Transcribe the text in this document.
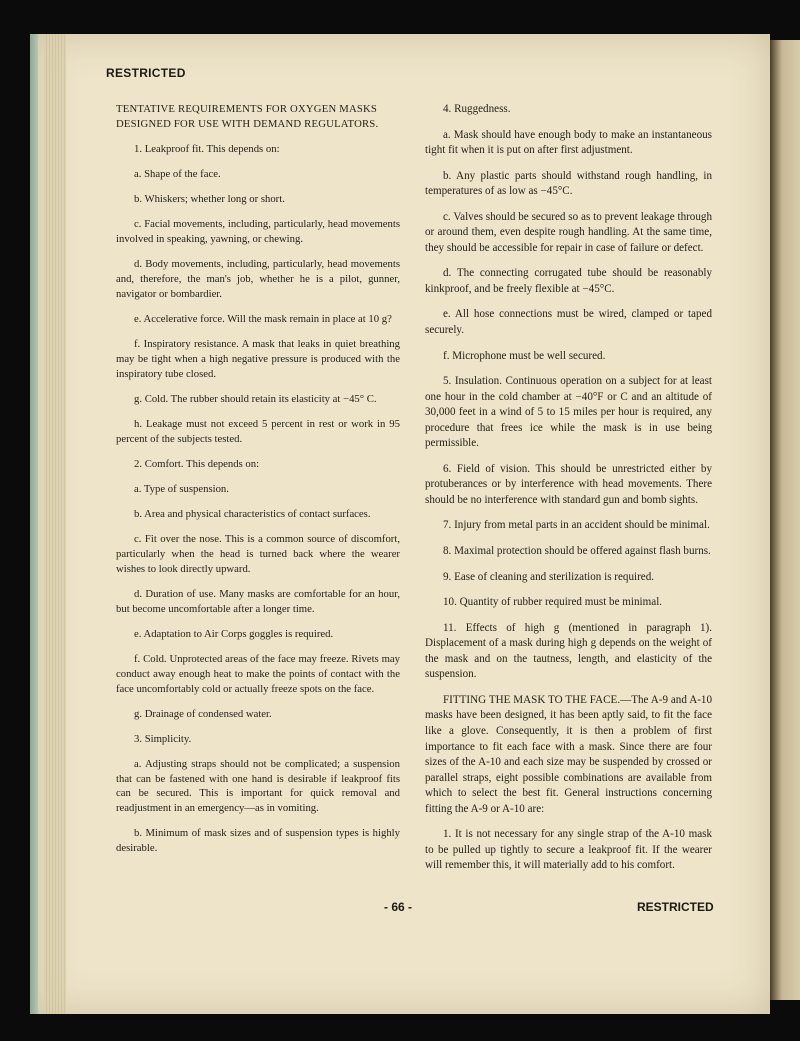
RESTRICTED

TENTATIVE REQUIREMENTS FOR OXYGEN MASKS DESIGNED FOR USE WITH DEMAND REGULATORS.

1. Leakproof fit. This depends on:

a. Shape of the face.

b. Whiskers; whether long or short.

c. Facial movements, including, particularly, head movements involved in speaking, yawning, or chewing.

d. Body movements, including, particularly, head movements and, therefore, the man's job, whether he is a pilot, gunner, navigator or bombardier.

e. Accelerative force. Will the mask remain in place at 10 g?

f. Inspiratory resistance. A mask that leaks in quiet breathing may be tight when a high negative pressure is produced with the inspiratory tube closed.

g. Cold. The rubber should retain its elasticity at −45° C.

h. Leakage must not exceed 5 percent in rest or work in 95 percent of the subjects tested.

2. Comfort. This depends on:

a. Type of suspension.

b. Area and physical characteristics of contact surfaces.

c. Fit over the nose. This is a common source of discomfort, particularly when the head is turned back where the wearer wishes to look directly upward.

d. Duration of use. Many masks are comfortable for an hour, but become uncomfortable after a longer time.

e. Adaptation to Air Corps goggles is required.

f. Cold. Unprotected areas of the face may freeze. Rivets may conduct away enough heat to make the points of contact with the face uncomfortably cold or actually freeze spots on the face.

g. Drainage of condensed water.

3. Simplicity.

a. Adjusting straps should not be complicated; a suspension that can be fastened with one hand is desirable if leakproof fits can be secured. This is important for quick removal and readjustment in an emergency—as in vomiting.

b. Minimum of mask sizes and of suspension types is highly desirable.

4. Ruggedness.

a. Mask should have enough body to make an instantaneous tight fit when it is put on after first adjustment.

b. Any plastic parts should withstand rough handling, in temperatures of as low as −45°C.

c. Valves should be secured so as to prevent leakage through or around them, even despite rough handling. At the same time, they should be accessible for repair in case of failure or defect.

d. The connecting corrugated tube should be reasonably kinkproof, and be freely flexible at −45°C.

e. All hose connections must be wired, clamped or taped securely.

f. Microphone must be well secured.

5. Insulation. Continuous operation on a subject for at least one hour in the cold chamber at −40°F or C and an altitude of 30,000 feet in a wind of 5 to 15 miles per hour is required, any procedure that frees ice while the mask is in use being permissible.

6. Field of vision. This should be unrestricted either by protuberances or by interference with head movements. There should be no interference with standard gun and bomb sights.

7. Injury from metal parts in an accident should be minimal.

8. Maximal protection should be offered against flash burns.

9. Ease of cleaning and sterilization is required.

10. Quantity of rubber required must be minimal.

11. Effects of high g (mentioned in paragraph 1). Displacement of a mask during high g depends on the weight of the mask and on the tautness, length, and elasticity of the suspension.

FITTING THE MASK TO THE FACE.—The A-9 and A-10 masks have been designed, it has been aptly said, to fit the face like a glove. Consequently, it is then a problem of first importance to fit each face with a mask. Since there are four sizes of the A-10 and each size may be suspended by crossed or parallel straps, eight possible combinations are available from which to select the best fit. General instructions concerning fitting the A-9 or A-10 are:

1. It is not necessary for any single strap of the A-10 mask to be pulled up tightly to secure a leakproof fit. If the wearer will remember this, it will materially add to his comfort.

- 66 -	RESTRICTED
